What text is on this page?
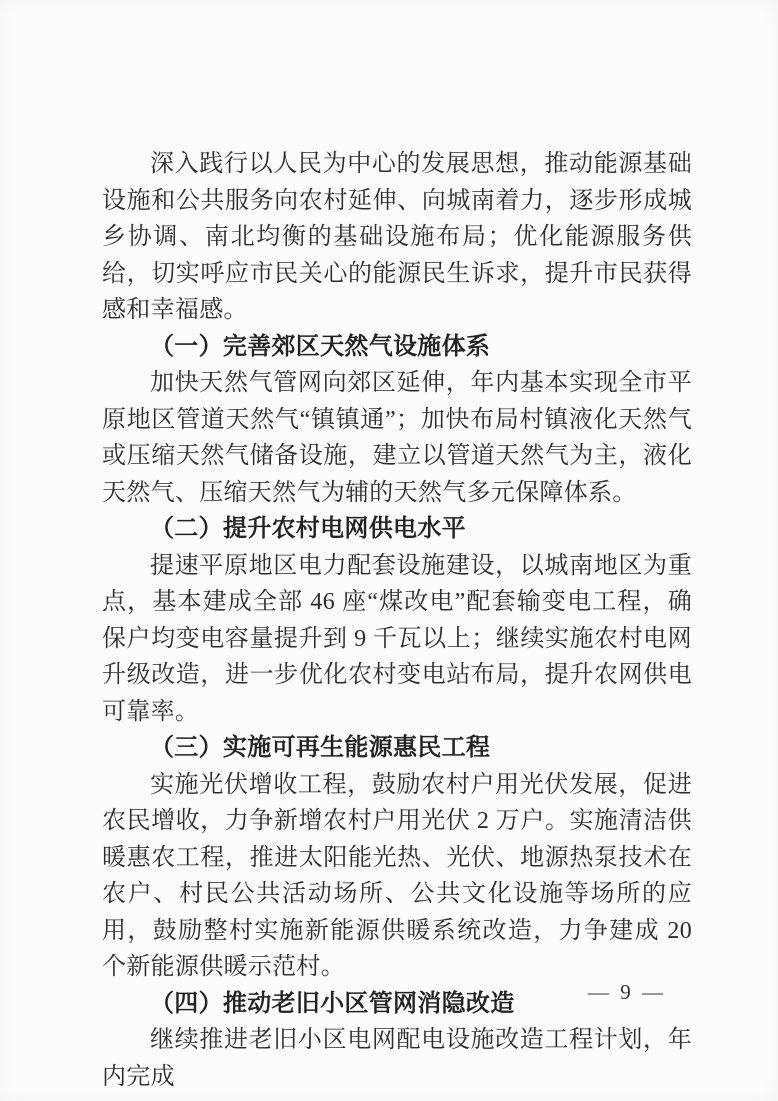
深入践行以人民为中心的发展思想，推动能源基础设施和公共服务向农村延伸、向城南着力，逐步形成城乡协调、南北均衡的基础设施布局；优化能源服务供给，切实呼应市民关心的能源民生诉求，提升市民获得感和幸福感。

（一）完善郊区天然气设施体系

加快天然气管网向郊区延伸，年内基本实现全市平原地区管道天然气“镇镇通”；加快布局村镇液化天然气或压缩天然气储备设施，建立以管道天然气为主，液化天然气、压缩天然气为辅的天然气多元保障体系。

（二）提升农村电网供电水平

提速平原地区电力配套设施建设，以城南地区为重点，基本建成全部 46 座“煤改电”配套输变电工程，确保户均变电容量提升到 9 千瓦以上；继续实施农村电网升级改造，进一步优化农村变电站布局，提升农网供电可靠率。

（三）实施可再生能源惠民工程

实施光伏增收工程，鼓励农村户用光伏发展，促进农民增收，力争新增农村户用光伏 2 万户。实施清洁供暖惠农工程，推进太阳能光热、光伏、地源热泵技术在农户、村民公共活动场所、公共文化设施等场所的应用，鼓励整村实施新能源供暖系统改造，力争建成 20 个新能源供暖示范村。

（四）推动老旧小区管网消隐改造

继续推进老旧小区电网配电设施改造工程计划，年内完成

— 9 —
